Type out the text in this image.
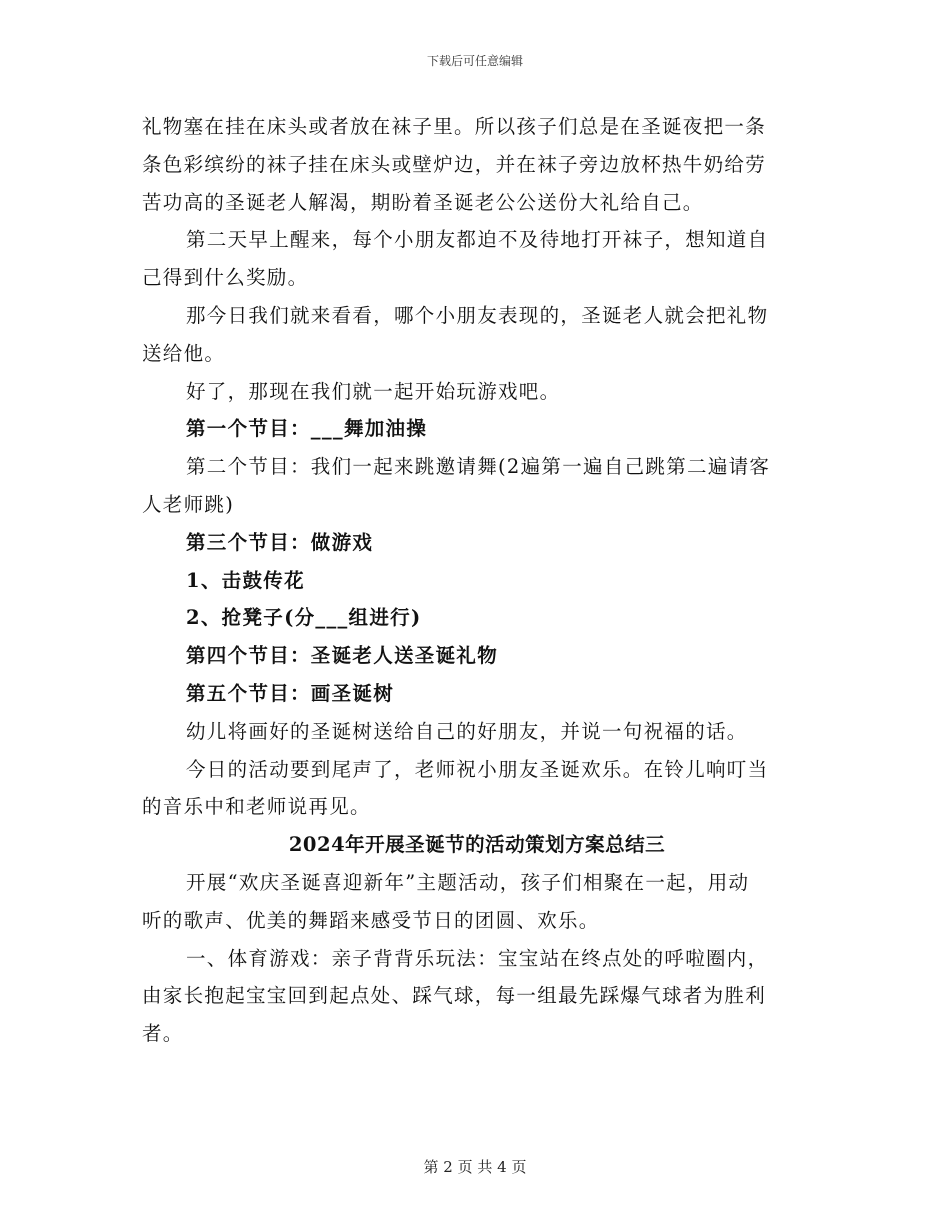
下载后可任意编辑

礼物塞在挂在床头或者放在袜子里。所以孩子们总是在圣诞夜把一条

条色彩缤纷的袜子挂在床头或壁炉边，并在袜子旁边放杯热牛奶给劳

苦功高的圣诞老人解渴，期盼着圣诞老公公送份大礼给自己。

第二天早上醒来，每个小朋友都迫不及待地打开袜子，想知道自

己得到什么奖励。

那今日我们就来看看，哪个小朋友表现的，圣诞老人就会把礼物

送给他。

好了，那现在我们就一起开始玩游戏吧。

第一个节目：___舞加油操

第二个节目：我们一起来跳邀请舞(2遍第一遍自己跳第二遍请客

人老师跳)

第三个节目：做游戏

1、击鼓传花

2、抢凳子(分___组进行)

第四个节目：圣诞老人送圣诞礼物

第五个节目：画圣诞树

幼儿将画好的圣诞树送给自己的好朋友，并说一句祝福的话。

今日的活动要到尾声了，老师祝小朋友圣诞欢乐。在铃儿响叮当

的音乐中和老师说再见。

2024年开展圣诞节的活动策划方案总结三

开展“欢庆圣诞喜迎新年”主题活动，孩子们相聚在一起，用动

听的歌声、优美的舞蹈来感受节日的团圆、欢乐。

一、体育游戏：亲子背背乐玩法：宝宝站在终点处的呼啦圈内，

由家长抱起宝宝回到起点处、踩气球，每一组最先踩爆气球者为胜利

者。

第 2 页 共 4 页
